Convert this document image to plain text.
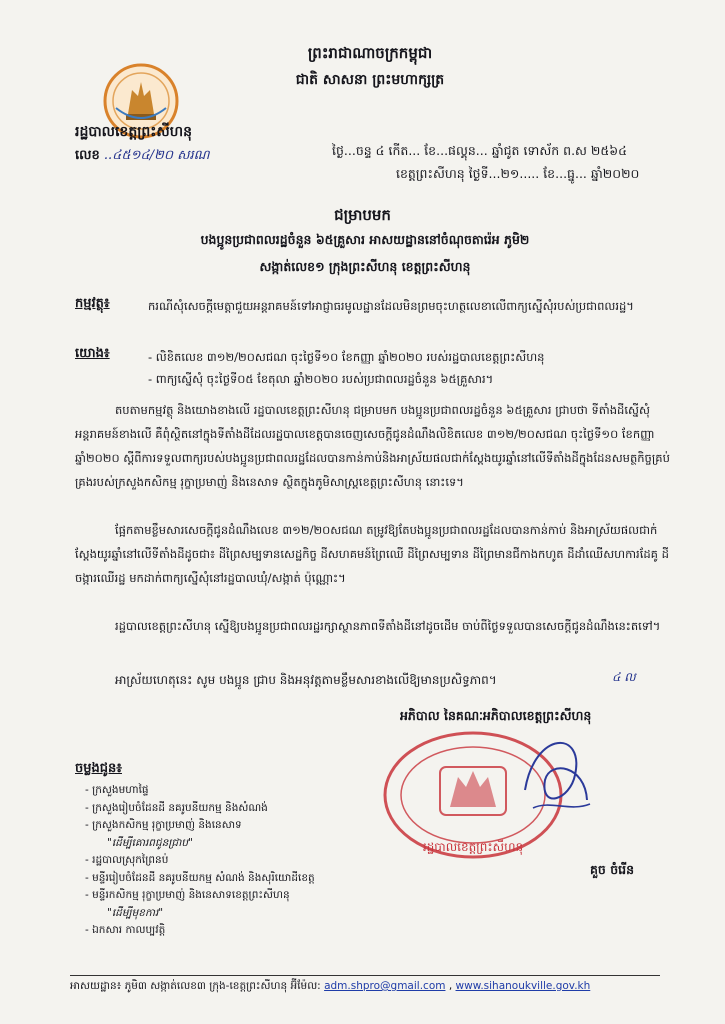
ព្រះរាជាណាចក្រកម្ពុជា
ជាតិ សាសនា ព្រះមហាក្សត្រ
រដ្ឋបាលខេត្តព្រះសីហនុ
លេខ ..៤៥១៤/២០ សរណ	ថ្ងៃ...ចន្ទ ៤ កើត... ខែ...ផល្គុន... ឆ្នាំជូត ទោស័ក ព.ស ២៥៦៤
ខេត្តព្រះសីហនុ ថ្ងៃទី...២១..... ខែ...ធ្នូ... ឆ្នាំ២០២០
ជម្រាបមក
បងប្អូនប្រជាពលរដ្ឋចំនួន ៦៥គ្រួសារ អាសយដ្ឋាននៅចំណុចតារ៉េអ ភូមិ២
សង្កាត់លេខ១ ក្រុងព្រះសីហនុ ខេត្តព្រះសីហនុ
កម្មវត្ថុ៖	ករណីសុំសេចក្ដីមេត្តាជួយអន្តរាគមន៍ទៅអាជ្ញាធរមូលដ្ឋានដែលមិនព្រមចុះហត្ថលេខាលើពាក្យស្នើសុំរបស់ប្រជាពលរដ្ឋ។
យោង៖	- លិខិតលេខ ៣១២/២០សជណ ចុះថ្ងៃទី១០ ខែកញ្ញា ឆ្នាំ២០២០ របស់រដ្ឋបាលខេត្តព្រះសីហនុ
- ពាក្យស្នើសុំ ចុះថ្ងៃទី០៥ ខែតុលា ឆ្នាំ២០២០ របស់ប្រជាពលរដ្ឋចំនួន ៦៥គ្រួសារ។
តបតាមកម្មវត្ថុ និងយោងខាងលើ រដ្ឋបាលខេត្តព្រះសីហនុ ជម្រាបមក បងប្អូនប្រជាពលរដ្ឋចំនួន ៦៥គ្រួសារ ជ្រាបថា ទីតាំងដីស្នើសុំអន្តរាគមន៍ខាងលើ គឺពុំស្ថិតនៅក្នុងទីតាំងដីដែលរដ្ឋបាលខេត្តបានចេញសេចក្ដីជូនដំណឹងលិខិតលេខ ៣១២/២០សជណ ចុះថ្ងៃទី១០ ខែកញ្ញា ឆ្នាំ២០២០ ស្ដីពីការទទួលពាក្យរបស់បងប្អូនប្រជាពលរដ្ឋដែលបានកាន់កាប់និងអាស្រ័យផលជាក់ស្ដែងយូរឆ្នាំនៅលើទីតាំងដីក្នុងដែនសមត្ថកិច្ចគ្រប់គ្រងរបស់ក្រសួងកសិកម្ម រុក្ខាប្រមាញ់ និងនេសាទ ស្ថិតក្នុងភូមិសាស្ត្រខេត្តព្រះសីហនុ នោះទេ។
ផ្អែកតាមខ្លឹមសារសេចក្ដីជូនដំណឹងលេខ ៣១២/២០សជណ តម្រូវឱ្យតែបងប្អូនប្រជាពលរដ្ឋដែលបានកាន់កាប់ និងអាស្រ័យផលជាក់ស្ដែងយូរឆ្នាំនៅលើទីតាំងដីដូចជា៖ ដីព្រៃសម្បទានសេដ្ឋកិច្ច ដីសហគមន៍ព្រៃឈើ ដីព្រៃសម្បទាន ដីព្រៃមានជីកាងកហូត ដីដាំឈើសហការដែគូ ដីចង្ការឈើរដ្ឋ មកដាក់ពាក្យស្នើសុំនៅរដ្ឋបាលឃុំ/សង្កាត់ ប៉ុណ្ណោះ។
រដ្ឋបាលខេត្តព្រះសីហនុ ស្នើឱ្យបងប្អូនប្រជាពលរដ្ឋរក្សាស្ថានភាពទីតាំងដីនៅដូចដើម ចាប់ពីថ្ងៃទទួលបានសេចក្ដីជូនដំណឹងនេះតទៅ។
អាស្រ័យហេតុនេះ សូម បងប្អូន ជ្រាប និងអនុវត្តតាមខ្លឹមសារខាងលើឱ្យមានប្រសិទ្ធភាព។	៤ ល
អភិបាល នៃគណៈអភិបាលខេត្តព្រះសីហនុ
រដ្ឋបាលខេត្តព្រះសីហនុ
គួច ចំរើន
ចម្លងជូន៖
- ក្រសួងមហាផ្ទៃ
- ក្រសួងរៀបចំដែនដី នគរូបនីយកម្ម និងសំណង់
- ក្រសួងកសិកម្ម រុក្ខាប្រមាញ់ និងនេសាទ
"ដើម្បីគោរពជូនជ្រាប"
- រដ្ឋបាលស្រុកព្រៃនប់
- មន្ទីររៀបចំដែនដី នគរូបនីយកម្ម សំណង់ និងសុរិយោដីខេត្ត
- មន្ទីរកសិកម្ម រុក្ខាប្រមាញ់ និងនេសាទខេត្តព្រះសីហនុ
"ដើម្បីមុខការ"
- ឯកសារ កាលប្បវត្តិ
អាសយដ្ឋាន៖ ភូមិ៣ សង្កាត់លេខ៣ ក្រុង-ខេត្តព្រះសីហនុ អ៊ីម៉ែល: adm.shpro@gmail.com , www.sihanoukville.gov.kh
